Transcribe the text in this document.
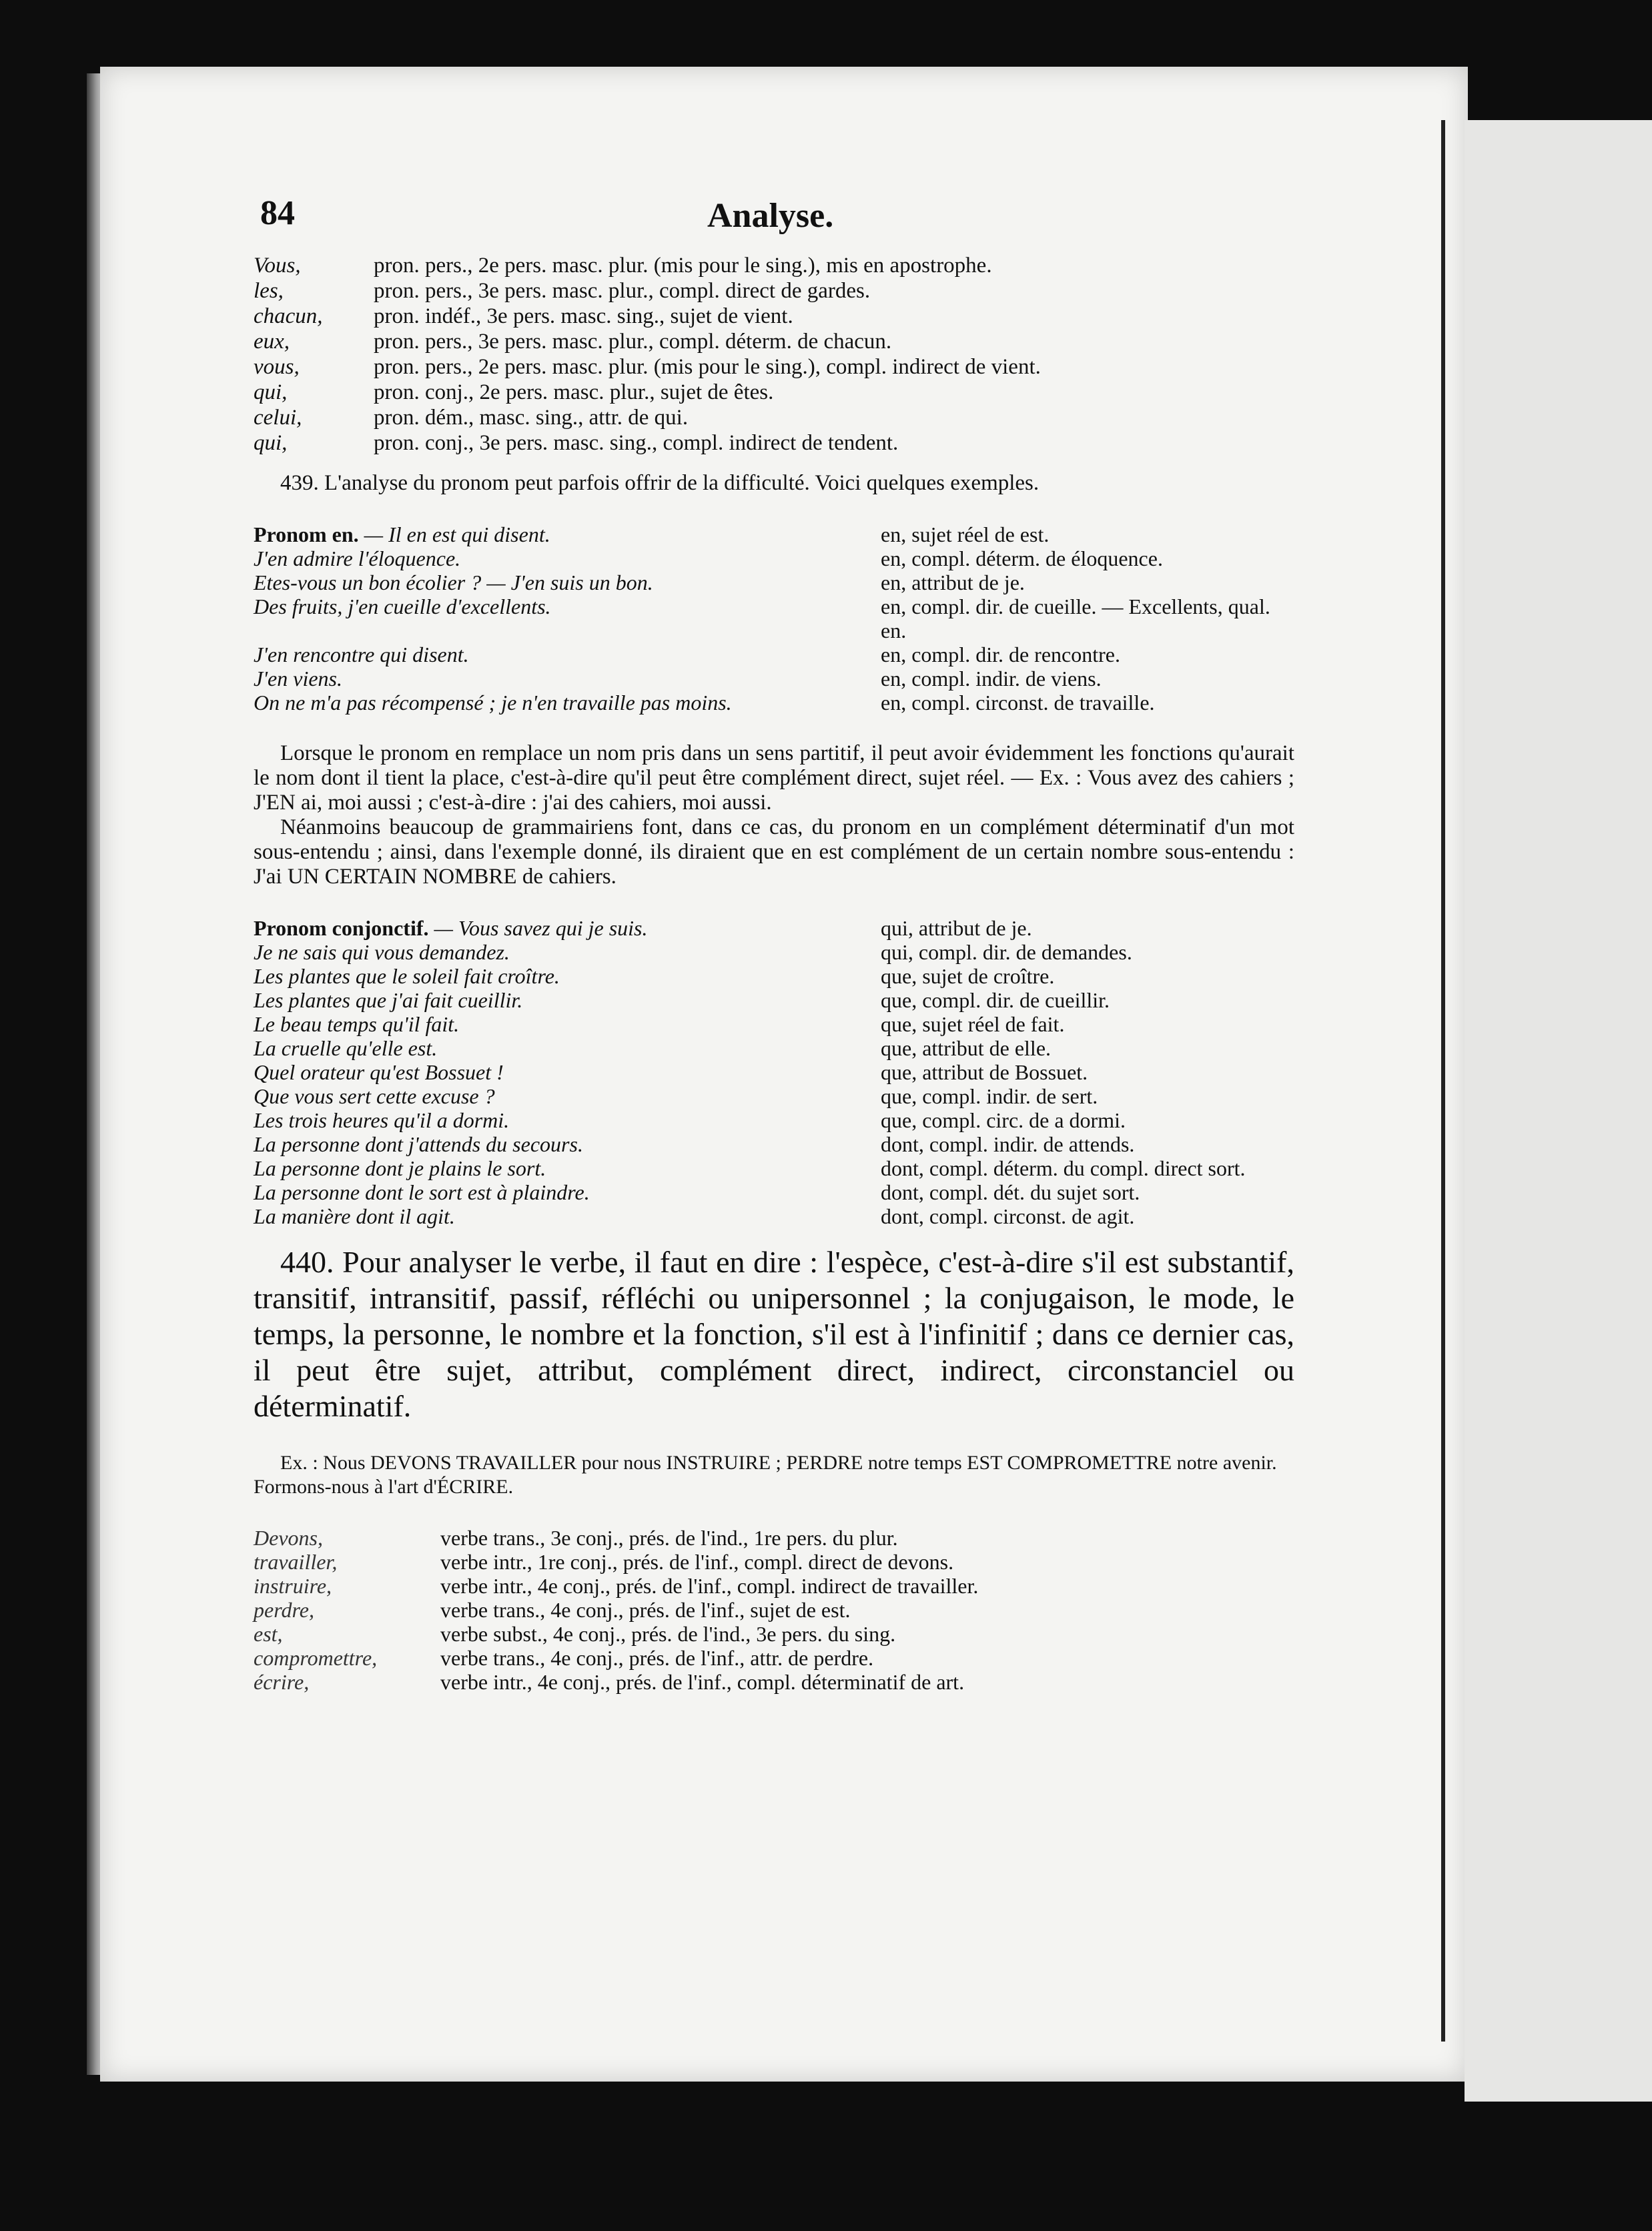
84	Analyse.
Vous,	pron. pers., 2e pers. masc. plur. (mis pour le sing.), mis en apostrophe.
les,	pron. pers., 3e pers. masc. plur., compl. direct de gardes.
chacun,	pron. indéf., 3e pers. masc. sing., sujet de vient.
eux,	pron. pers., 3e pers. masc. plur., compl. déterm. de chacun.
vous,	pron. pers., 2e pers. masc. plur. (mis pour le sing.), compl. indirect de vient.
qui,	pron. conj., 2e pers. masc. plur., sujet de êtes.
celui,	pron. dém., masc. sing., attr. de qui.
qui,	pron. conj., 3e pers. masc. sing., compl. indirect de tendent.

439. L'analyse du pronom peut parfois offrir de la difficulté. Voici quelques exemples.

Pronom en. — Il en est qui disent.	en, sujet réel de est.
J'en admire l'éloquence.	en, compl. déterm. de éloquence.
Etes-vous un bon écolier ? — J'en suis un bon.	en, attribut de je.
Des fruits, j'en cueille d'excellents.	en, compl. dir. de cueille. — Excellents, qual. en.
J'en rencontre qui disent.	en, compl. dir. de rencontre.
J'en viens.	en, compl. indir. de viens.
On ne m'a pas récompensé ; je n'en travaille pas moins.	en, compl. circonst. de travaille.

Lorsque le pronom en remplace un nom pris dans un sens partitif, il peut avoir évidemment les fonctions qu'aurait le nom dont il tient la place, c'est-à-dire qu'il peut être complément direct, sujet réel. — Ex. : Vous avez des cahiers ; J'EN ai, moi aussi ; c'est-à-dire : j'ai des cahiers, moi aussi.

Néanmoins beaucoup de grammairiens font, dans ce cas, du pronom en un complément déterminatif d'un mot sous-entendu ; ainsi, dans l'exemple donné, ils diraient que en est complément de un certain nombre sous-entendu : J'ai UN CERTAIN NOMBRE de cahiers.

Pronom conjonctif. — Vous savez qui je suis.	qui, attribut de je.
Je ne sais qui vous demandez.	qui, compl. dir. de demandes.
Les plantes que le soleil fait croître.	que, sujet de croître.
Les plantes que j'ai fait cueillir.	que, compl. dir. de cueillir.
Le beau temps qu'il fait.	que, sujet réel de fait.
La cruelle qu'elle est.	que, attribut de elle.
Quel orateur qu'est Bossuet !	que, attribut de Bossuet.
Que vous sert cette excuse ?	que, compl. indir. de sert.
Les trois heures qu'il a dormi.	que, compl. circ. de a dormi.
La personne dont j'attends du secours.	dont, compl. indir. de attends.
La personne dont je plains le sort.	dont, compl. déterm. du compl. direct sort.
La personne dont le sort est à plaindre.	dont, compl. dét. du sujet sort.
La manière dont il agit.	dont, compl. circonst. de agit.

440. Pour analyser le verbe, il faut en dire : l'espèce, c'est-à-dire s'il est substantif, transitif, intransitif, passif, réfléchi ou unipersonnel ; la conjugaison, le mode, le temps, la personne, le nombre et la fonction, s'il est à l'infinitif ; dans ce dernier cas, il peut être sujet, attribut, complément direct, indirect, circonstanciel ou déterminatif.

Ex. : Nous DEVONS TRAVAILLER pour nous INSTRUIRE ; PERDRE notre temps EST COMPROMETTRE notre avenir. Formons-nous à l'art d'ÉCRIRE.

Devons,	verbe trans., 3e conj., prés. de l'ind., 1re pers. du plur.
travailler,	verbe intr., 1re conj., prés. de l'inf., compl. direct de devons.
instruire,	verbe intr., 4e conj., prés. de l'inf., compl. indirect de travailler.
perdre,	verbe trans., 4e conj., prés. de l'inf., sujet de est.
est,	verbe subst., 4e conj., prés. de l'ind., 3e pers. du sing.
compromettre,	verbe trans., 4e conj., prés. de l'inf., attr. de perdre.
écrire,	verbe intr., 4e conj., prés. de l'inf., compl. déterminatif de art.
